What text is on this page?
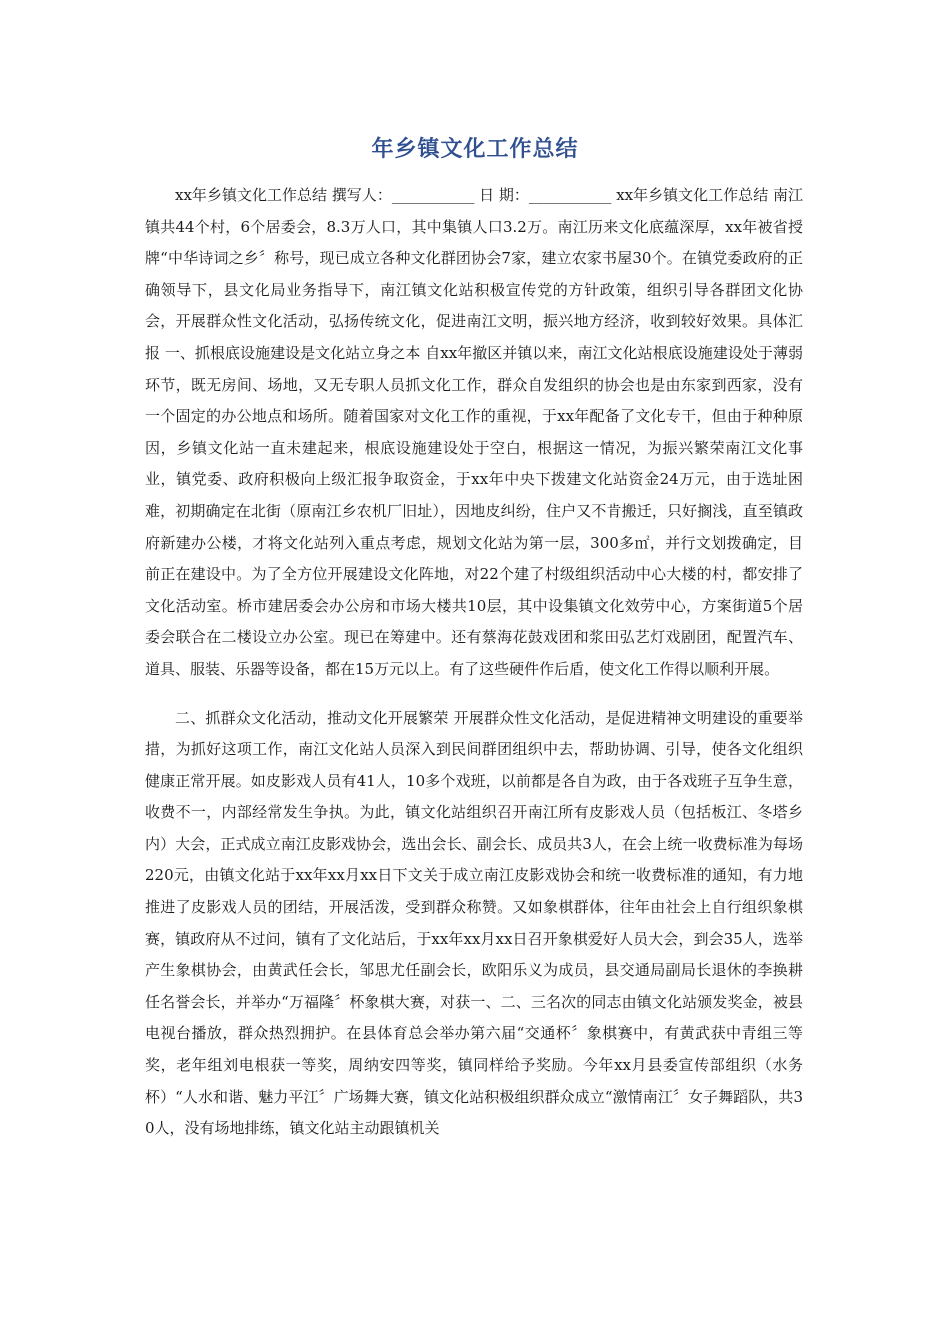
年乡镇文化工作总结

xx年乡镇文化工作总结 撰写人：___________ 日 期：___________ xx年乡镇文化工作总结 南江镇共44个村，6个居委会，8.3万人口，其中集镇人口3.2万。南江历来文化底蕴深厚，xx年被省授牌“中华诗词之乡〞称号，现已成立各种文化群团协会7家，建立农家书屋30个。在镇党委政府的正确领导下，县文化局业务指导下，南江镇文化站积极宣传党的方针政策，组织引导各群团文化协会，开展群众性文化活动，弘扬传统文化，促进南江文明，振兴地方经济，收到较好效果。具体汇报 一、抓根底设施建设是文化站立身之本 自xx年撤区并镇以来，南江文化站根底设施建设处于薄弱环节，既无房间、场地，又无专职人员抓文化工作，群众自发组织的协会也是由东家到西家，没有一个固定的办公地点和场所。随着国家对文化工作的重视，于xx年配备了文化专干，但由于种种原因，乡镇文化站一直未建起来，根底设施建设处于空白，根据这一情况，为振兴繁荣南江文化事业，镇党委、政府积极向上级汇报争取资金，于xx年中央下拨建文化站资金24万元，由于选址困难，初期确定在北街（原南江乡农机厂旧址），因地皮纠纷，住户又不肯搬迁，只好搁浅，直至镇政府新建办公楼，才将文化站列入重点考虑，规划文化站为第一层，300多㎡，并行文划拨确定，目前正在建设中。为了全方位开展建设文化阵地，对22个建了村级组织活动中心大楼的村，都安排了文化活动室。桥市建居委会办公房和市场大楼共10层，其中设集镇文化效劳中心，方案街道5个居委会联合在二楼设立办公室。现已在筹建中。还有蔡海花鼓戏团和浆田弘艺灯戏剧团，配置汽车、道具、服装、乐器等设备，都在15万元以上。有了这些硬件作后盾，使文化工作得以顺利开展。

二、抓群众文化活动，推动文化开展繁荣 开展群众性文化活动，是促进精神文明建设的重要举措，为抓好这项工作，南江文化站人员深入到民间群团组织中去，帮助协调、引导，使各文化组织健康正常开展。如皮影戏人员有41人，10多个戏班，以前都是各自为政，由于各戏班子互争生意，收费不一，内部经常发生争执。为此，镇文化站组织召开南江所有皮影戏人员（包括板江、冬塔乡内）大会，正式成立南江皮影戏协会，选出会长、副会长、成员共3人，在会上统一收费标准为每场220元，由镇文化站于xx年xx月xx日下文关于成立南江皮影戏协会和统一收费标准的通知，有力地推进了皮影戏人员的团结，开展活泼，受到群众称赞。又如象棋群体，往年由社会上自行组织象棋赛，镇政府从不过问，镇有了文化站后，于xx年xx月xx日召开象棋爱好人员大会，到会35人，选举产生象棋协会，由黄武任会长，邹思尤任副会长，欧阳乐义为成员，县交通局副局长退休的李换耕任名誉会长，并举办“万福隆〞杯象棋大赛，对获一、二、三名次的同志由镇文化站颁发奖金，被县电视台播放，群众热烈拥护。在县体育总会举办第六届“交通杯〞象棋赛中，有黄武获中青组三等奖，老年组刘电根获一等奖，周纳安四等奖，镇同样给予奖励。今年xx月县委宣传部组织（水务杯）“人水和谐、魅力平江〞广场舞大赛，镇文化站积极组织群众成立“激情南江〞女子舞蹈队，共30人，没有场地排练，镇文化站主动跟镇机关
